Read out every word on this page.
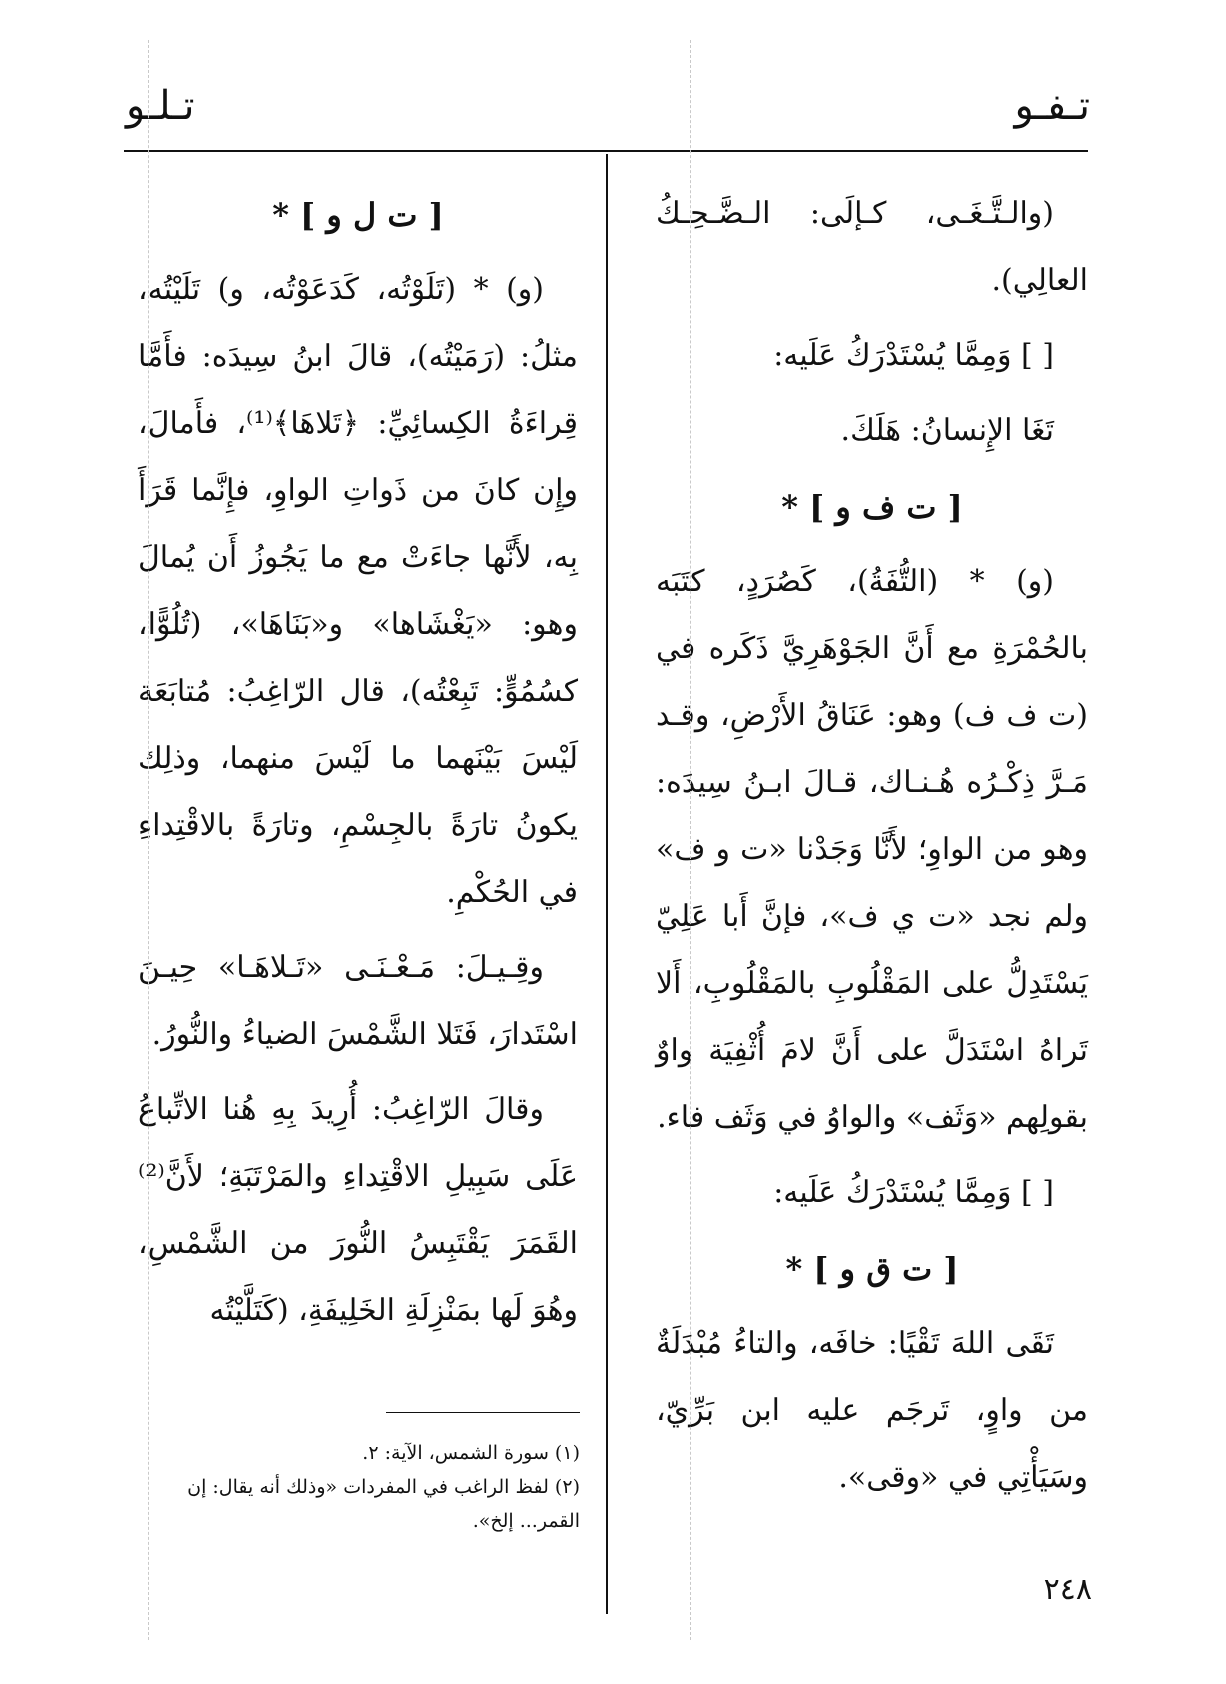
تـفـو
تـلـو

(والـتَّـغَـى، كـإلَى: الـضَّـحِـكُ العالِي).

[ ] وَمِمَّا يُسْتَدْرَكُ عَلَيه:

تَغَا الإِنسانُ: هَلَكَ.

[ ت ف و ] *

(و) * (التُّفَةُ)، كَصُرَدٍ، كتَبَه بالحُمْرَةِ مع أَنَّ الجَوْهَرِيَّ ذَكَره في (ت ف ف) وهو: عَنَاقُ الأَرْضِ، وقـد مَـرَّ ذِكْـرُه هُـنـاك، قـالَ ابـنُ سِيدَه: وهو من الواوِ؛ لأَنَّا وَجَدْنا «ت و ف» ولم نجد «ت ي ف»، فإنَّ أَبا عَلِيّ يَسْتَدِلُّ على المَقْلُوبِ بالمَقْلُوبِ، أَلا تَراهُ اسْتَدَلَّ على أَنَّ لامَ أُثْفِيَة واوٌ بقولِهم «وَثَف» والواوُ في وَثَف فاء.

[ ] وَمِمَّا يُسْتَدْرَكُ عَلَيه:

[ ت ق و ] *

تَقَى اللهَ تَقْيًا: خافَه، والتاءُ مُبْدَلَةٌ من واوٍ، تَرجَم عليه ابن بَرِّيّ، وسَيَأْتِي في «وقى».

[ ت ل و ] *

(و) * (تَلَوْتُه، كَدَعَوْتُه، و) تَلَيْتُه، مثلُ: (رَمَيْتُه)، قالَ ابنُ سِيدَه: فأَمَّا قِراءَةُ الكِسائِيِّ: ﴿تَلاهَا﴾⁽¹⁾، فأَمالَ، وإِن كانَ من ذَواتِ الواوِ، فإِنَّما قَرَأَ بِه، لأَنَّها جاءَتْ مع ما يَجُوزُ أَن يُمالَ وهو: «يَغْشَاها» و«بَنَاهَا»، (تُلُوًّا، كسُمُوٍّ: تَبِعْتُه)، قال الرّاغِبُ: مُتابَعَة لَيْسَ بَيْنَهما ما لَيْسَ منهما، وذلِك يكونُ تارَةً بالجِسْمِ، وتارَةً بالاقْتِداءِ في الحُكْمِ.

وقِـيـلَ: مَـعْـنَـى «تَـلاهَـا» حِيـنَ اسْتَدارَ، فَتَلا الشَّمْسَ الضياءُ والنُّورُ.

وقالَ الرّاغِبُ: أُرِيدَ بِهِ هُنا الاتِّباعُ عَلَى سَبِيلِ الاقْتِداءِ والمَرْتَبَةِ؛ لأَنَّ⁽²⁾ القَمَرَ يَقْتَبِسُ النُّورَ من الشَّمْسِ، وهُوَ لَها بمَنْزِلَةِ الخَلِيفَةِ، (كَتَلَّيْتُه

(١) سورة الشمس، الآية: ٢.

(٢) لفظ الراغب في المفردات «وذلك أنه يقال: إن القمر... إلخ».

٢٤٨
